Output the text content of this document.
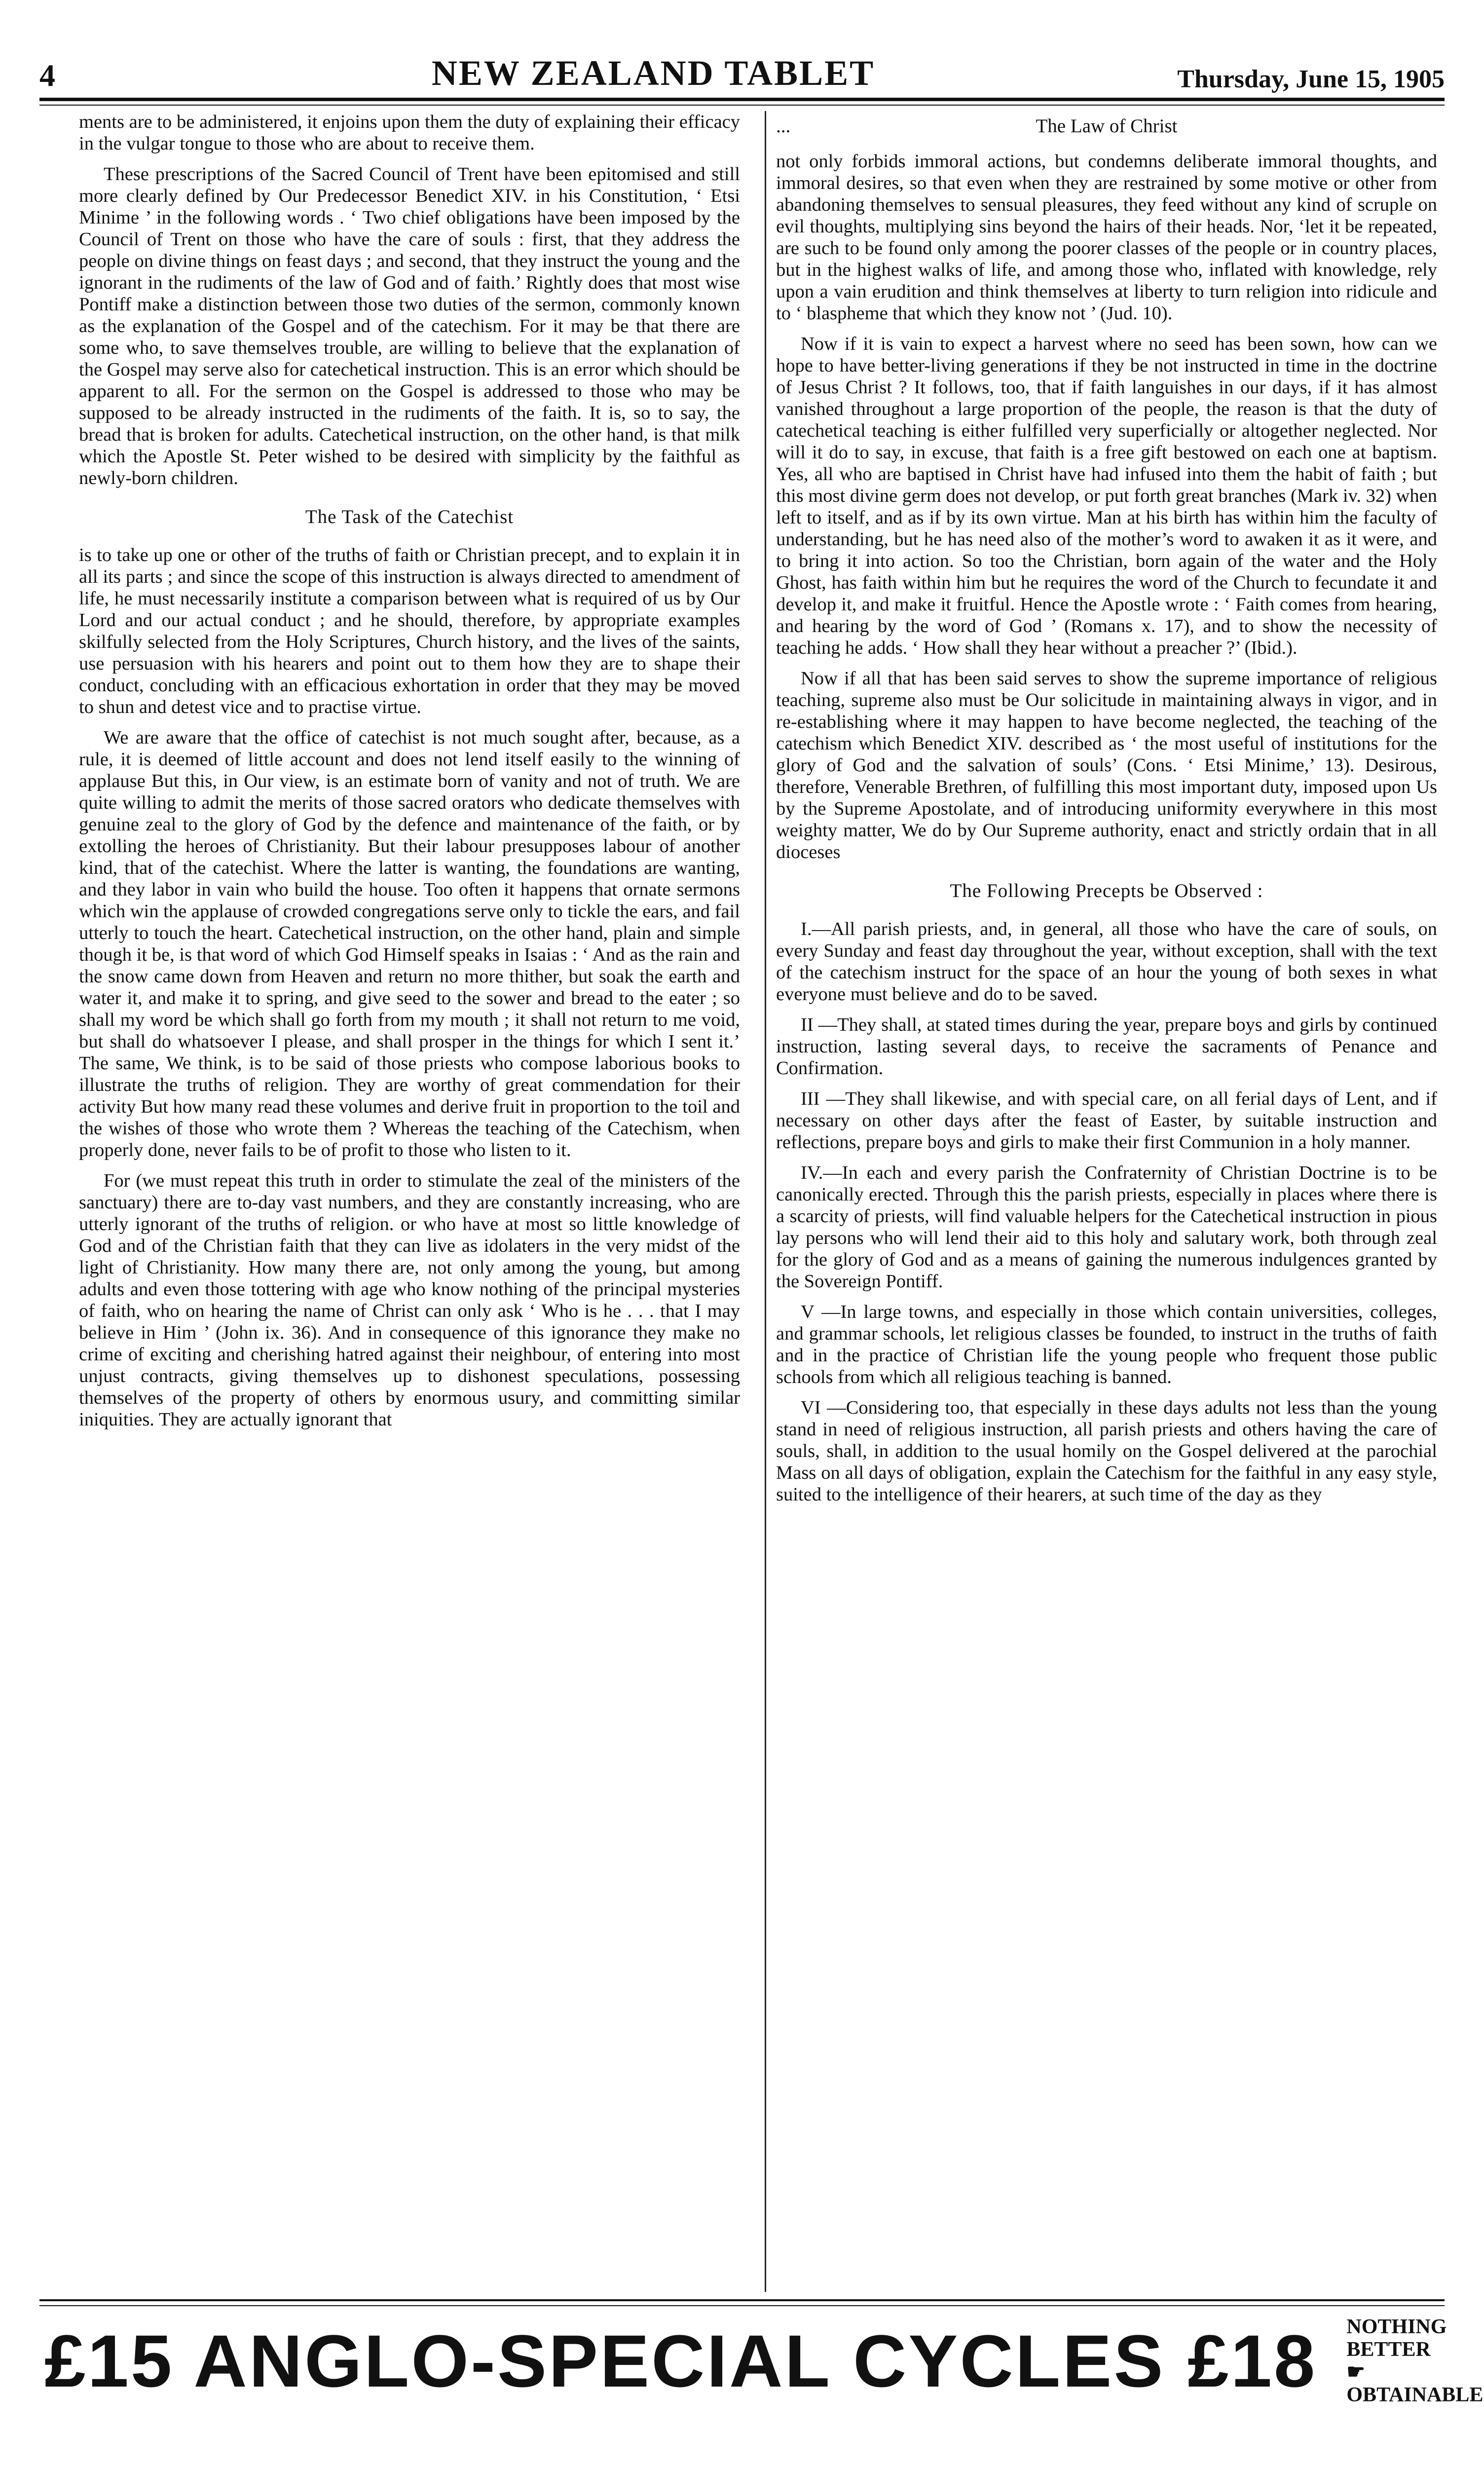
4	NEW ZEALAND TABLET	Thursday, June 15, 1905

ments are to be administered, it enjoins upon them the duty of explaining their efficacy in the vulgar tongue to those who are about to receive them.

These prescriptions of the Sacred Council of Trent have been epitomised and still more clearly defined by Our Predecessor Benedict XIV. in his Constitution, ‘ Etsi Minime ’ in the following words . ‘ Two chief obligations have been imposed by the Council of Trent on those who have the care of souls : first, that they address the people on divine things on feast days ; and second, that they instruct the young and the ignorant in the rudiments of the law of God and of faith.’ Rightly does that most wise Pontiff make a distinction between those two duties of the sermon, commonly known as the explanation of the Gospel and of the catechism. For it may be that there are some who, to save themselves trouble, are willing to believe that the explanation of the Gospel may serve also for catechetical instruction. This is an error which should be apparent to all. For the sermon on the Gospel is addressed to those who may be supposed to be already instructed in the rudiments of the faith. It is, so to say, the bread that is broken for adults. Catechetical instruction, on the other hand, is that milk which the Apostle St. Peter wished to be desired with simplicity by the faithful as newly-born children.

The Task of the Catechist

is to take up one or other of the truths of faith or Christian precept, and to explain it in all its parts ; and since the scope of this instruction is always directed to amendment of life, he must necessarily institute a comparison between what is required of us by Our Lord and our actual conduct ; and he should, therefore, by appropriate examples skilfully selected from the Holy Scriptures, Church history, and the lives of the saints, use persuasion with his hearers and point out to them how they are to shape their conduct, concluding with an efficacious exhortation in order that they may be moved to shun and detest vice and to practise virtue.

We are aware that the office of catechist is not much sought after, because, as a rule, it is deemed of little account and does not lend itself easily to the winning of applause But this, in Our view, is an estimate born of vanity and not of truth. We are quite willing to admit the merits of those sacred orators who dedicate themselves with genuine zeal to the glory of God by the defence and maintenance of the faith, or by extolling the heroes of Christianity. But their labour presupposes labour of another kind, that of the catechist. Where the latter is wanting, the foundations are wanting, and they labor in vain who build the house. Too often it happens that ornate sermons which win the applause of crowded congregations serve only to tickle the ears, and fail utterly to touch the heart. Catechetical instruction, on the other hand, plain and simple though it be, is that word of which God Himself speaks in Isaias : ‘ And as the rain and the snow came down from Heaven and return no more thither, but soak the earth and water it, and make it to spring, and give seed to the sower and bread to the eater ; so shall my word be which shall go forth from my mouth ; it shall not return to me void, but shall do whatsoever I please, and shall prosper in the things for which I sent it.’ The same, We think, is to be said of those priests who compose laborious books to illustrate the truths of religion. They are worthy of great commendation for their activity But how many read these volumes and derive fruit in proportion to the toil and the wishes of those who wrote them ? Whereas the teaching of the Catechism, when properly done, never fails to be of profit to those who listen to it.

For (we must repeat this truth in order to stimulate the zeal of the ministers of the sanctuary) there are to-day vast numbers, and they are constantly increasing, who are utterly ignorant of the truths of religion. or who have at most so little knowledge of God and of the Christian faith that they can live as idolaters in the very midst of the light of Christianity. How many there are, not only among the young, but among adults and even those tottering with age who know nothing of the principal mysteries of faith, who on hearing the name of Christ can only ask ‘ Who is he . . . that I may believe in Him ’ (John ix. 36). And in consequence of this ignorance they make no crime of exciting and cherishing hatred against their neighbour, of entering into most unjust contracts, giving themselves up to dishonest speculations, possessing themselves of the property of others by enormous usury, and committing similar iniquities. They are actually ignorant that

...	The Law of Christ

not only forbids immoral actions, but condemns deliberate immoral thoughts, and immoral desires, so that even when they are restrained by some motive or other from abandoning themselves to sensual pleasures, they feed without any kind of scruple on evil thoughts, multiplying sins beyond the hairs of their heads. Nor, ‘let it be repeated, are such to be found only among the poorer classes of the people or in country places, but in the highest walks of life, and among those who, inflated with knowledge, rely upon a vain erudition and think themselves at liberty to turn religion into ridicule and to ‘ blaspheme that which they know not ’ (Jud. 10).

Now if it is vain to expect a harvest where no seed has been sown, how can we hope to have better-living generations if they be not instructed in time in the doctrine of Jesus Christ ? It follows, too, that if faith languishes in our days, if it has almost vanished throughout a large proportion of the people, the reason is that the duty of catechetical teaching is either fulfilled very superficially or altogether neglected. Nor will it do to say, in excuse, that faith is a free gift bestowed on each one at baptism. Yes, all who are baptised in Christ have had infused into them the habit of faith ; but this most divine germ does not develop, or put forth great branches (Mark iv. 32) when left to itself, and as if by its own virtue. Man at his birth has within him the faculty of understanding, but he has need also of the mother’s word to awaken it as it were, and to bring it into action. So too the Christian, born again of the water and the Holy Ghost, has faith within him but he requires the word of the Church to fecundate it and develop it, and make it fruitful. Hence the Apostle wrote : ‘ Faith comes from hearing, and hearing by the word of God ’ (Romans x. 17), and to show the necessity of teaching he adds. ‘ How shall they hear without a preacher ?’ (Ibid.).

Now if all that has been said serves to show the supreme importance of religious teaching, supreme also must be Our solicitude in maintaining always in vigor, and in re-establishing where it may happen to have become neglected, the teaching of the catechism which Benedict XIV. described as ‘ the most useful of institutions for the glory of God and the salvation of souls’ (Cons. ‘ Etsi Minime,’ 13). Desirous, therefore, Venerable Brethren, of fulfilling this most important duty, imposed upon Us by the Supreme Apostolate, and of introducing uniformity everywhere in this most weighty matter, We do by Our Supreme authority, enact and strictly ordain that in all dioceses

The Following Precepts be Observed :

I.—All parish priests, and, in general, all those who have the care of souls, on every Sunday and feast day throughout the year, without exception, shall with the text of the catechism instruct for the space of an hour the young of both sexes in what everyone must believe and do to be saved.

II —They shall, at stated times during the year, prepare boys and girls by continued instruction, lasting several days, to receive the sacraments of Penance and Confirmation.

III —They shall likewise, and with special care, on all ferial days of Lent, and if necessary on other days after the feast of Easter, by suitable instruction and reflections, prepare boys and girls to make their first Communion in a holy manner.

IV.—In each and every parish the Confraternity of Christian Doctrine is to be canonically erected. Through this the parish priests, especially in places where there is a scarcity of priests, will find valuable helpers for the Catechetical instruction in pious lay persons who will lend their aid to this holy and salutary work, both through zeal for the glory of God and as a means of gaining the numerous indulgences granted by the Sovereign Pontiff.

V —In large towns, and especially in those which contain universities, colleges, and grammar schools, let religious classes be founded, to instruct in the truths of faith and in the practice of Christian life the young people who frequent those public schools from which all religious teaching is banned.

VI —Considering too, that especially in these days adults not less than the young stand in need of religious instruction, all parish priests and others having the care of souls, shall, in addition to the usual homily on the Gospel delivered at the parochial Mass on all days of obligation, explain the Catechism for the faithful in any easy style, suited to the intelligence of their hearers, at such time of the day as they

£15 ANGLO-SPECIAL CYCLES £18 NOTHING BETTER
☛OBTAINABLE
